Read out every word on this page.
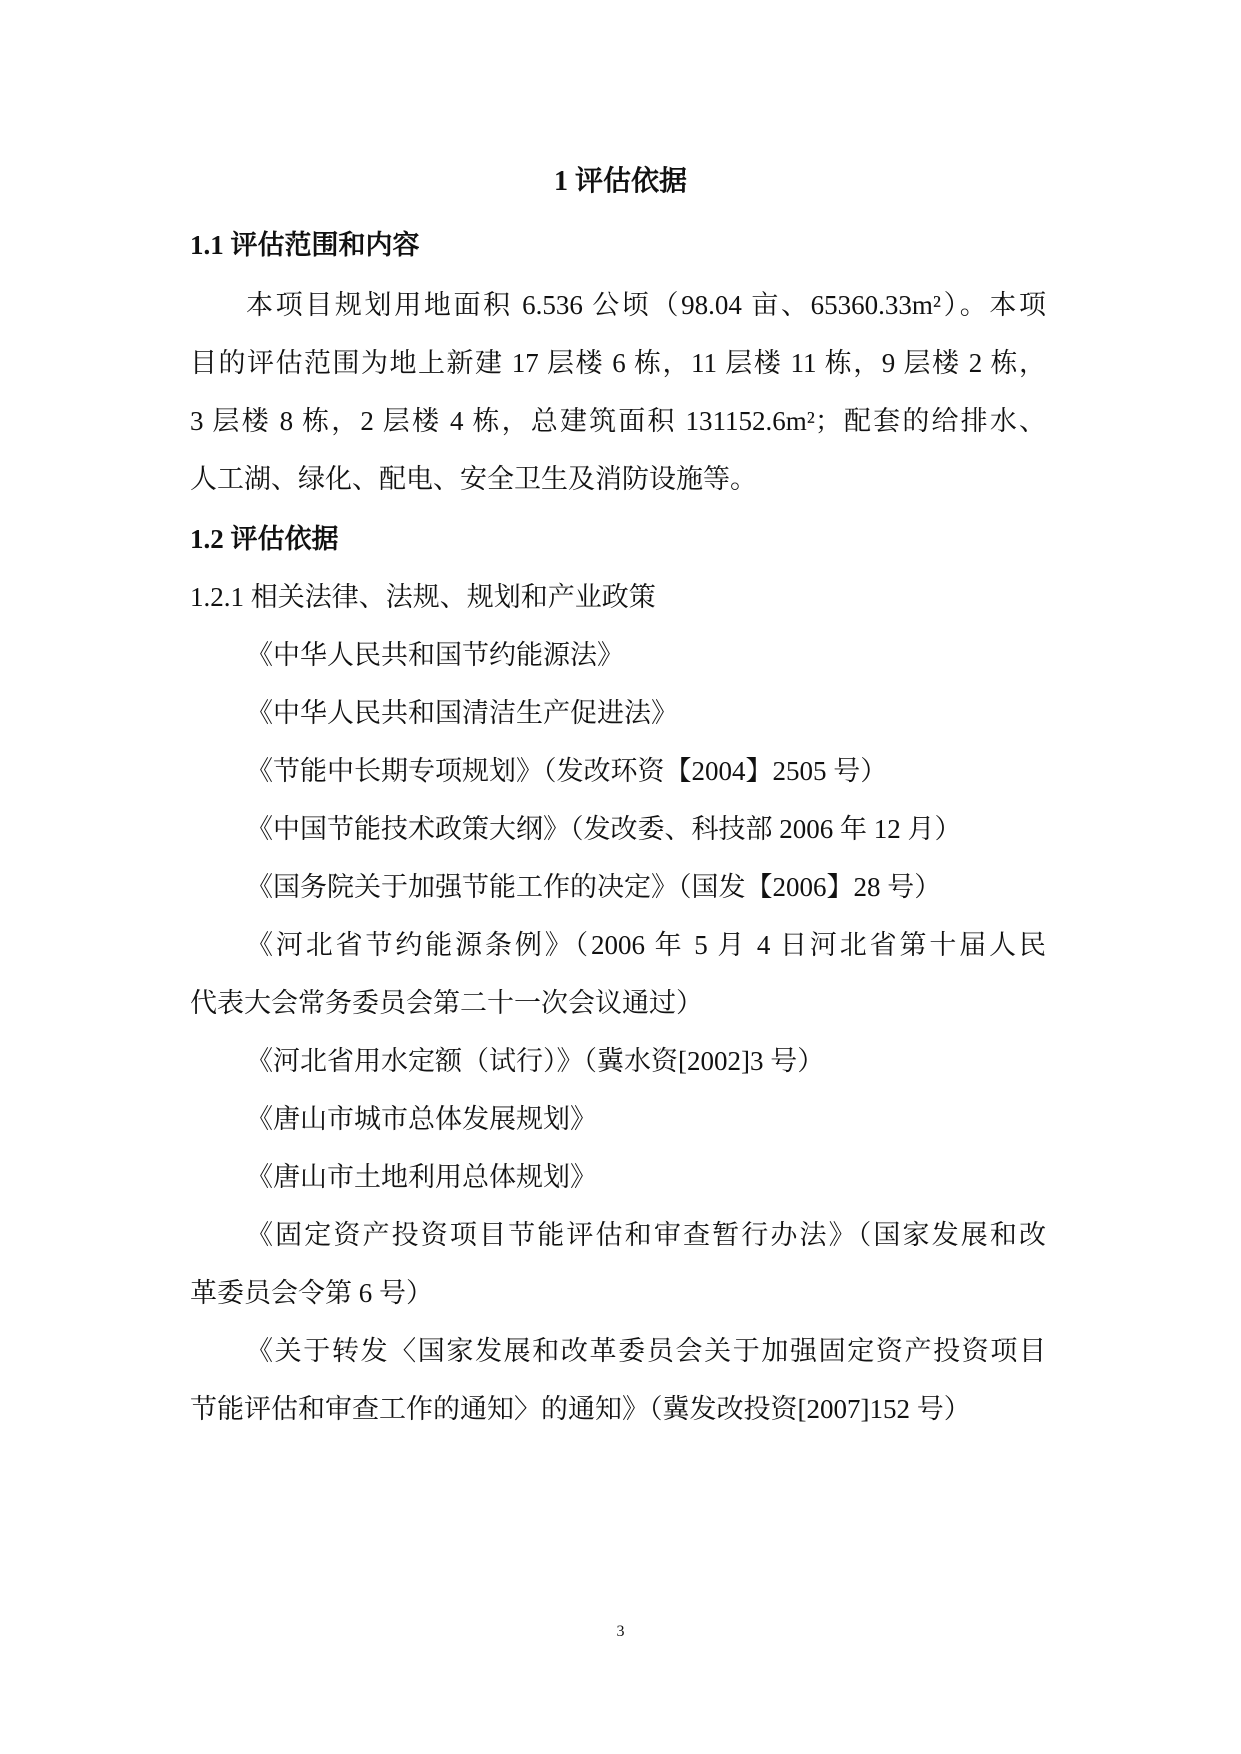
1 评估依据
1.1 评估范围和内容
本项目规划用地面积 6.536 公顷（98.04 亩、65360.33m²）。本项
目的评估范围为地上新建 17 层楼 6 栋，11 层楼 11 栋，9 层楼 2 栋，
3 层楼 8 栋，2 层楼 4 栋，总建筑面积 131152.6m²；配套的给排水、
人工湖、绿化、配电、安全卫生及消防设施等。
1.2 评估依据
1.2.1 相关法律、法规、规划和产业政策
《中华人民共和国节约能源法》
《中华人民共和国清洁生产促进法》
《节能中长期专项规划》（发改环资【2004】2505 号）
《中国节能技术政策大纲》（发改委、科技部 2006 年 12 月）
《国务院关于加强节能工作的决定》（国发【2006】28 号）
《河北省节约能源条例》（2006 年 5 月 4 日河北省第十届人民
代表大会常务委员会第二十一次会议通过）
《河北省用水定额（试行）》（冀水资[2002]3 号）
《唐山市城市总体发展规划》
《唐山市土地利用总体规划》
《固定资产投资项目节能评估和审查暂行办法》（国家发展和改
革委员会令第 6 号）
《关于转发〈国家发展和改革委员会关于加强固定资产投资项目
节能评估和审查工作的通知〉的通知》（冀发改投资[2007]152 号）
3
